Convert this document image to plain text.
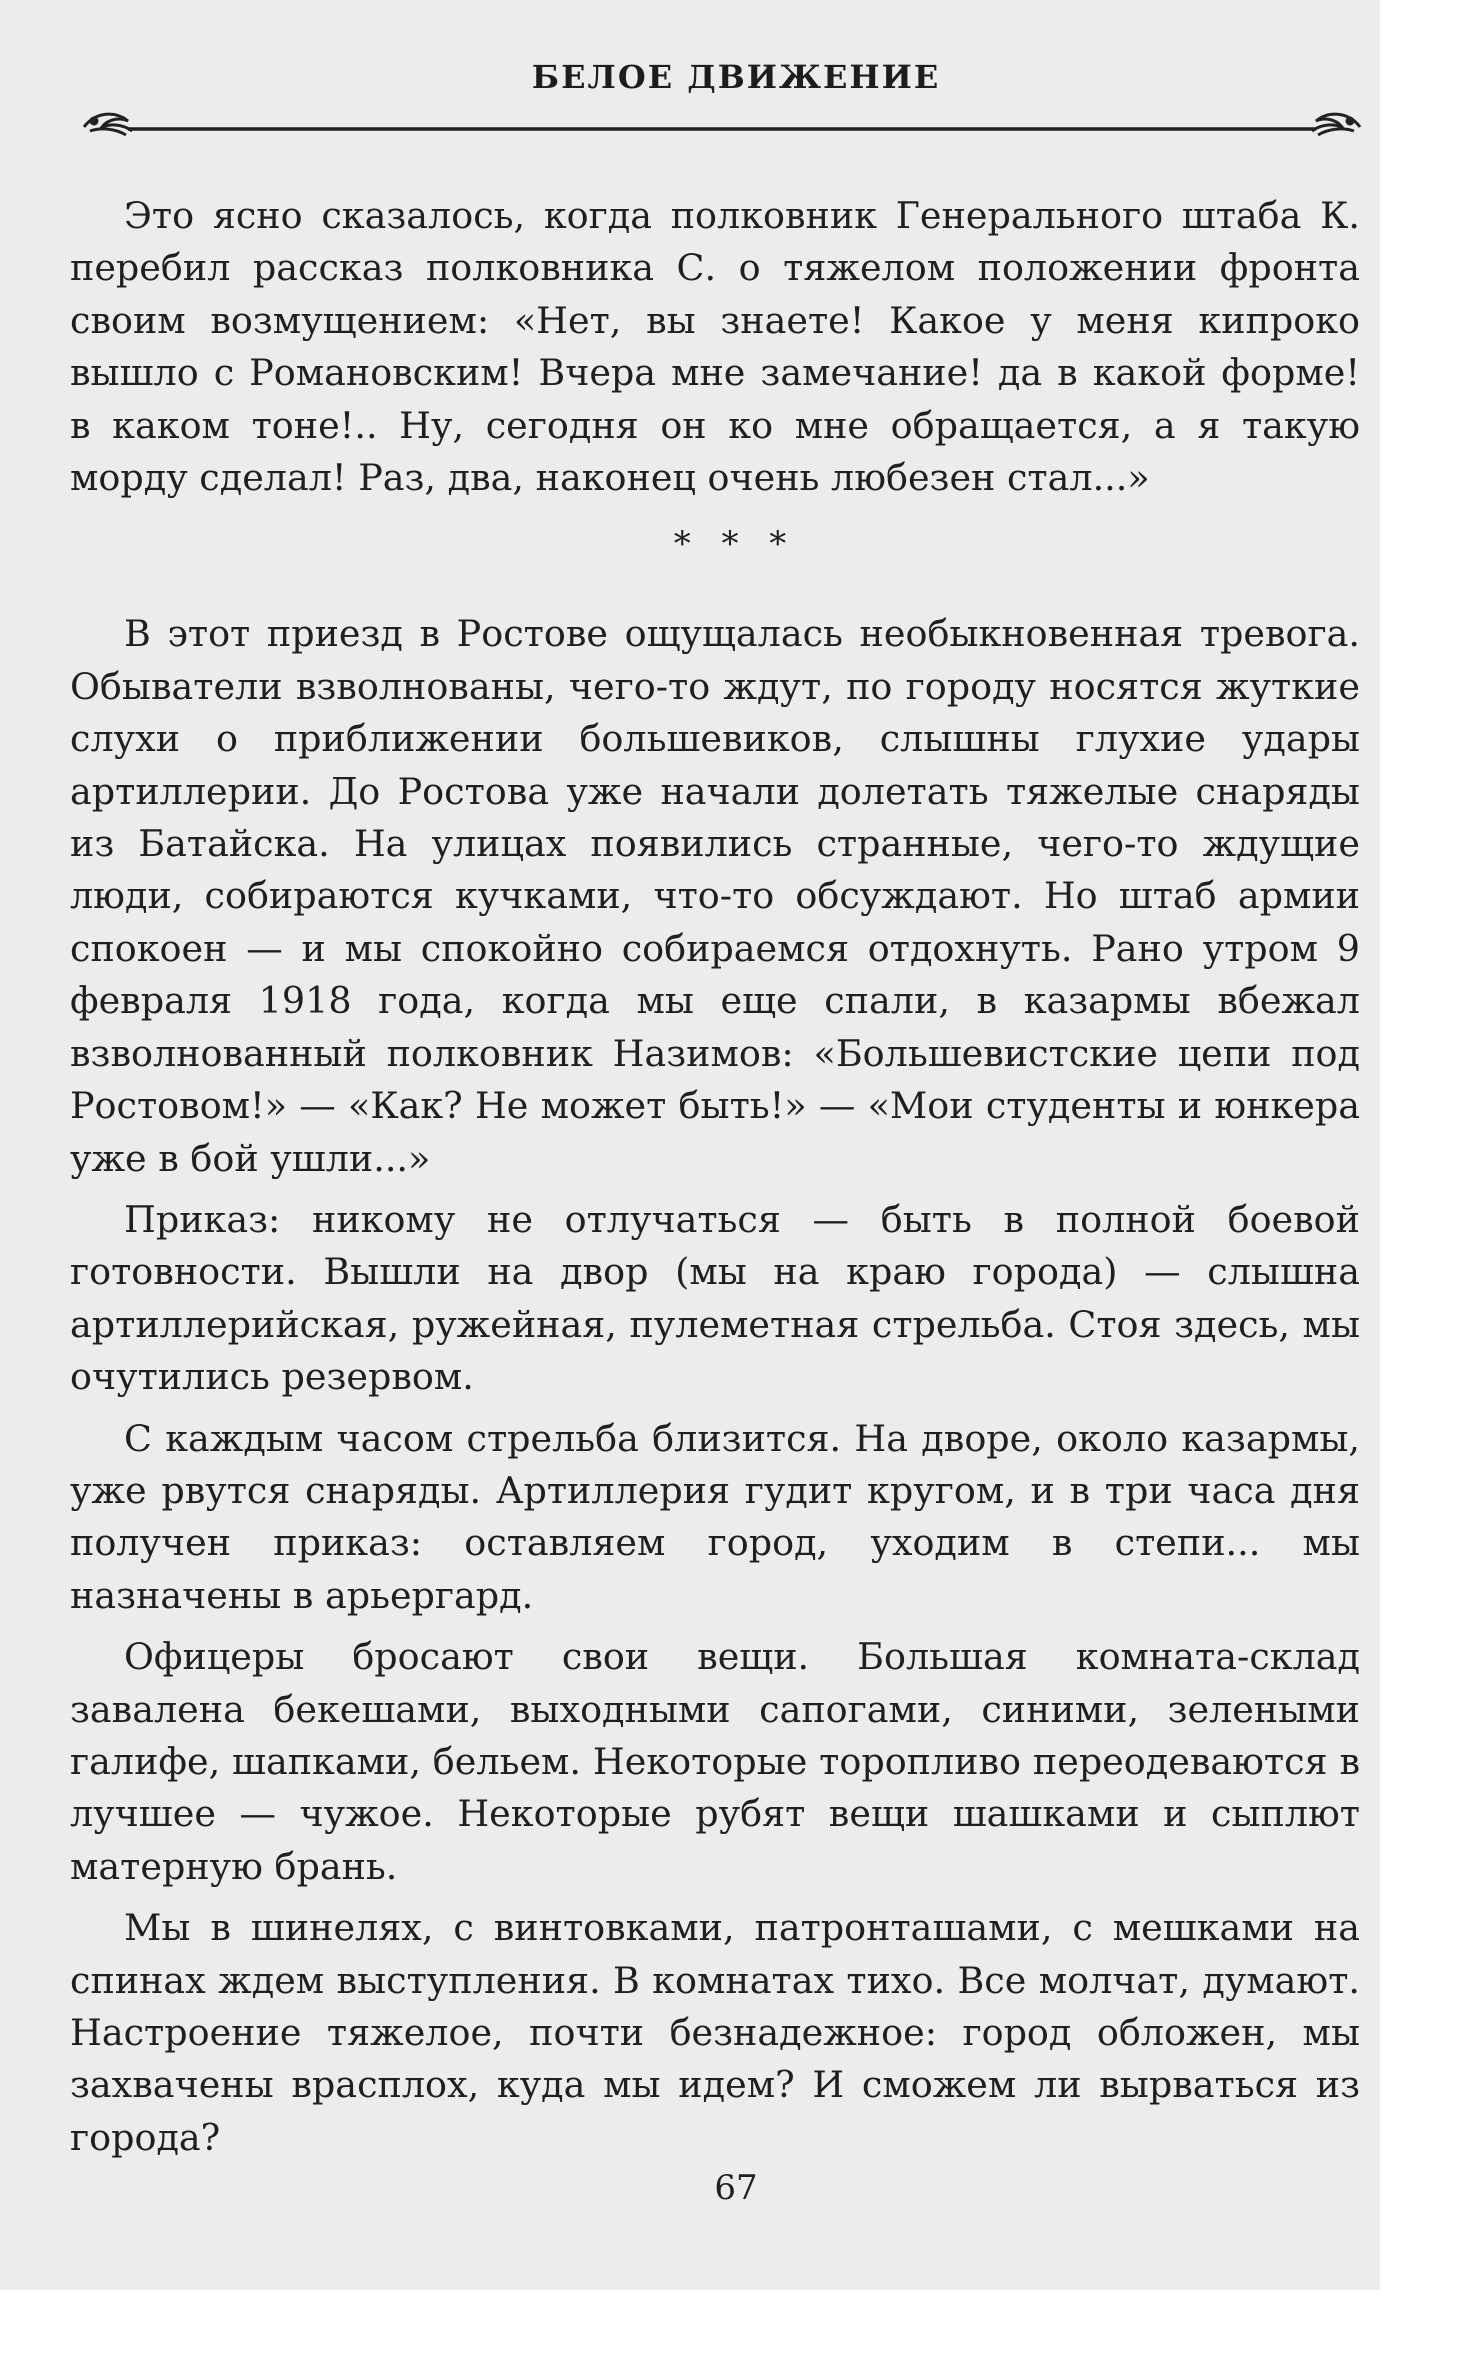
БЕЛОЕ ДВИЖЕНИЕ

Это ясно сказалось, когда полковник Генерального штаба К. перебил рассказ полковника С. о тяжелом положении фронта своим возмущением: «Нет, вы знаете! Какое у меня кипроко вышло с Романовским! Вчера мне замечание! да в какой форме! в каком тоне!.. Ну, сегодня он ко мне обращается, а я такую морду сделал! Раз, два, наконец очень любезен стал...»

* * *

В этот приезд в Ростове ощущалась необыкновенная тревога. Обыватели взволнованы, чего-то ждут, по городу носятся жуткие слухи о приближении большевиков, слышны глухие удары артиллерии. До Ростова уже начали долетать тяжелые снаряды из Батайска. На улицах появились странные, чего-то ждущие люди, собираются кучками, что-то обсуждают. Но штаб армии спокоен — и мы спокойно собираемся отдохнуть. Рано утром 9 февраля 1918 года, когда мы еще спали, в казармы вбежал взволнованный полковник Назимов: «Большевистские цепи под Ростовом!» — «Как? Не может быть!» — «Мои студенты и юнкера уже в бой ушли...»

Приказ: никому не отлучаться — быть в полной боевой готовности. Вышли на двор (мы на краю города) — слышна артиллерийская, ружейная, пулеметная стрельба. Стоя здесь, мы очутились резервом.

С каждым часом стрельба близится. На дворе, около казармы, уже рвутся снаряды. Артиллерия гудит кругом, и в три часа дня получен приказ: оставляем город, уходим в степи... мы назначены в арьергард.

Офицеры бросают свои вещи. Большая комната-склад завалена бекешами, выходными сапогами, синими, зелеными галифе, шапками, бельем. Некоторые торопливо переодеваются в лучшее — чужое. Некоторые рубят вещи шашками и сыплют матерную брань.

Мы в шинелях, с винтовками, патронташами, с мешками на спинах ждем выступления. В комнатах тихо. Все молчат, думают. Настроение тяжелое, почти безнадежное: город обложен, мы захвачены врасплох, куда мы идем? И сможем ли вырваться из города?

67
